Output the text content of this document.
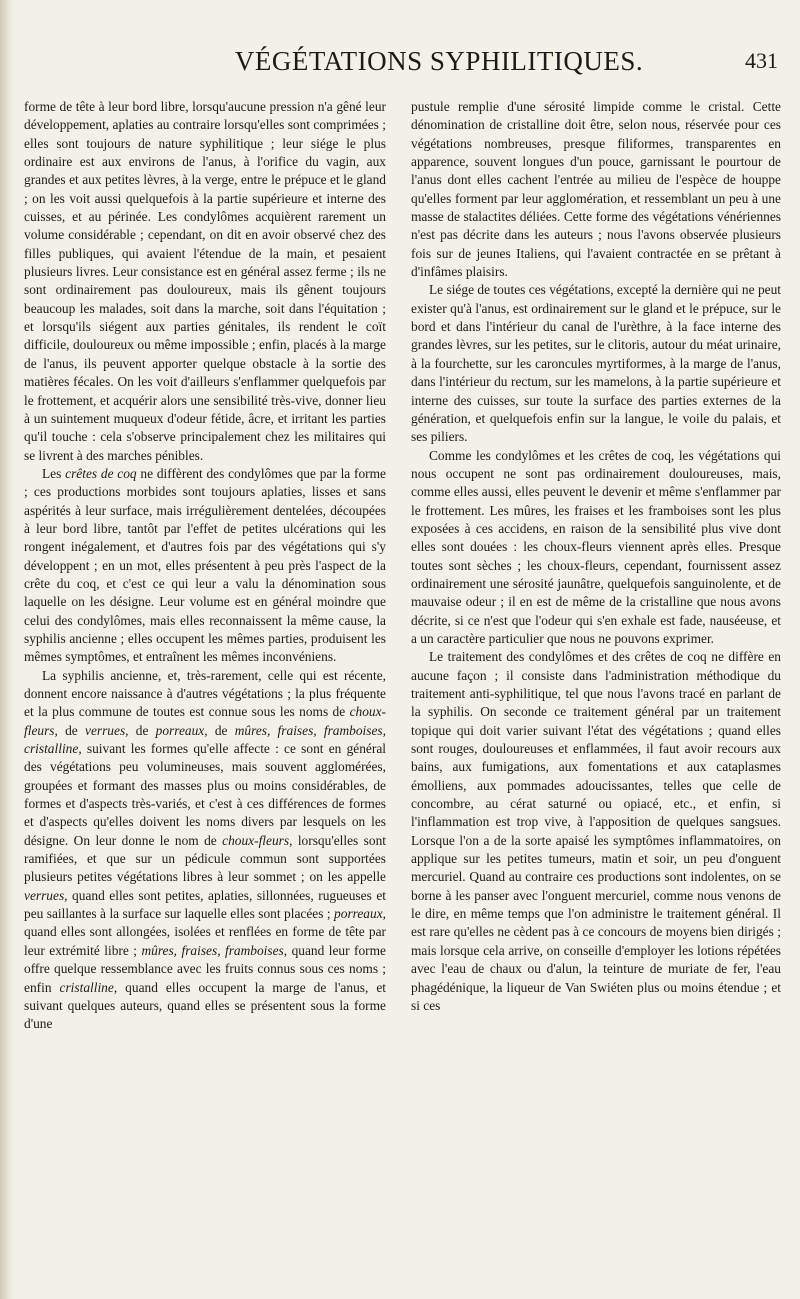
VÉGÉTATIONS SYPHILITIQUES.	431

forme de tête à leur bord libre, lorsqu'aucune pression n'a gêné leur développement, aplaties au contraire lorsqu'elles sont comprimées ; elles sont toujours de nature syphilitique ; leur siége le plus ordinaire est aux environs de l'anus, à l'orifice du vagin, aux grandes et aux petites lèvres, à la verge, entre le prépuce et le gland ; on les voit aussi quelquefois à la partie supérieure et interne des cuisses, et au périnée. Les condylômes acquièrent rarement un volume considérable ; cependant, on dit en avoir observé chez des filles publiques, qui avaient l'étendue de la main, et pesaient plusieurs livres. Leur consistance est en général assez ferme ; ils ne sont ordinairement pas douloureux, mais ils gênent toujours beaucoup les malades, soit dans la marche, soit dans l'équitation ; et lorsqu'ils siégent aux parties génitales, ils rendent le coït difficile, douloureux ou même impossible ; enfin, placés à la marge de l'anus, ils peuvent apporter quelque obstacle à la sortie des matières fécales. On les voit d'ailleurs s'enflammer quelquefois par le frottement, et acquérir alors une sensibilité très-vive, donner lieu à un suintement muqueux d'odeur fétide, âcre, et irritant les parties qu'il touche : cela s'observe principalement chez les militaires qui se livrent à des marches pénibles.

Les crêtes de coq ne diffèrent des condylômes que par la forme ; ces productions morbides sont toujours aplaties, lisses et sans aspérités à leur surface, mais irrégulièrement dentelées, découpées à leur bord libre, tantôt par l'effet de petites ulcérations qui les rongent inégalement, et d'autres fois par des végétations qui s'y développent ; en un mot, elles présentent à peu près l'aspect de la crête du coq, et c'est ce qui leur a valu la dénomination sous laquelle on les désigne. Leur volume est en général moindre que celui des condylômes, mais elles reconnaissent la même cause, la syphilis ancienne ; elles occupent les mêmes parties, produisent les mêmes symptômes, et entraînent les mêmes inconvéniens.

La syphilis ancienne, et, très-rarement, celle qui est récente, donnent encore naissance à d'autres végétations ; la plus fréquente et la plus commune de toutes est connue sous les noms de choux-fleurs, de verrues, de porreaux, de mûres, fraises, framboises, cristalline, suivant les formes qu'elle affecte : ce sont en général des végétations peu volumineuses, mais souvent agglomérées, groupées et formant des masses plus ou moins considérables, de formes et d'aspects très-variés, et c'est à ces différences de formes et d'aspects qu'elles doivent les noms divers par lesquels on les désigne. On leur donne le nom de choux-fleurs, lorsqu'elles sont ramifiées, et que sur un pédicule commun sont supportées plusieurs petites végétations libres à leur sommet ; on les appelle verrues, quand elles sont petites, aplaties, sillonnées, rugueuses et peu saillantes à la surface sur laquelle elles sont placées ; porreaux, quand elles sont allongées, isolées et renflées en forme de tête par leur extrémité libre ; mûres, fraises, framboises, quand leur forme offre quelque ressemblance avec les fruits connus sous ces noms ; enfin cristalline, quand elles occupent la marge de l'anus, et suivant quelques auteurs, quand elles se présentent sous la forme d'une

pustule remplie d'une sérosité limpide comme le cristal. Cette dénomination de cristalline doit être, selon nous, réservée pour ces végétations nombreuses, presque filiformes, transparentes en apparence, souvent longues d'un pouce, garnissant le pourtour de l'anus dont elles cachent l'entrée au milieu de l'espèce de houppe qu'elles forment par leur agglomération, et ressemblant un peu à une masse de stalactites déliées. Cette forme des végétations vénériennes n'est pas décrite dans les auteurs ; nous l'avons observée plusieurs fois sur de jeunes Italiens, qui l'avaient contractée en se prêtant à d'infâmes plaisirs.

Le siége de toutes ces végétations, excepté la dernière qui ne peut exister qu'à l'anus, est ordinairement sur le gland et le prépuce, sur le bord et dans l'intérieur du canal de l'urèthre, à la face interne des grandes lèvres, sur les petites, sur le clitoris, autour du méat urinaire, à la fourchette, sur les caroncules myrtiformes, à la marge de l'anus, dans l'intérieur du rectum, sur les mamelons, à la partie supérieure et interne des cuisses, sur toute la surface des parties externes de la génération, et quelquefois enfin sur la langue, le voile du palais, et ses piliers.

Comme les condylômes et les crêtes de coq, les végétations qui nous occupent ne sont pas ordinairement douloureuses, mais, comme elles aussi, elles peuvent le devenir et même s'enflammer par le frottement. Les mûres, les fraises et les framboises sont les plus exposées à ces accidens, en raison de la sensibilité plus vive dont elles sont douées : les choux-fleurs viennent après elles. Presque toutes sont sèches ; les choux-fleurs, cependant, fournissent assez ordinairement une sérosité jaunâtre, quelquefois sanguinolente, et de mauvaise odeur ; il en est de même de la cristalline que nous avons décrite, si ce n'est que l'odeur qui s'en exhale est fade, nauséeuse, et a un caractère particulier que nous ne pouvons exprimer.

Le traitement des condylômes et des crêtes de coq ne diffère en aucune façon ; il consiste dans l'administration méthodique du traitement anti-syphilitique, tel que nous l'avons tracé en parlant de la syphilis. On seconde ce traitement général par un traitement topique qui doit varier suivant l'état des végétations ; quand elles sont rouges, douloureuses et enflammées, il faut avoir recours aux bains, aux fumigations, aux fomentations et aux cataplasmes émolliens, aux pommades adoucissantes, telles que celle de concombre, au cérat saturné ou opiacé, etc., et enfin, si l'inflammation est trop vive, à l'apposition de quelques sangsues. Lorsque l'on a de la sorte apaisé les symptômes inflammatoires, on applique sur les petites tumeurs, matin et soir, un peu d'onguent mercuriel. Quand au contraire ces productions sont indolentes, on se borne à les panser avec l'onguent mercuriel, comme nous venons de le dire, en même temps que l'on administre le traitement général. Il est rare qu'elles ne cèdent pas à ce concours de moyens bien dirigés ; mais lorsque cela arrive, on conseille d'employer les lotions répétées avec l'eau de chaux ou d'alun, la teinture de muriate de fer, l'eau phagédénique, la liqueur de Van Swiéten plus ou moins étendue ; et si ces
